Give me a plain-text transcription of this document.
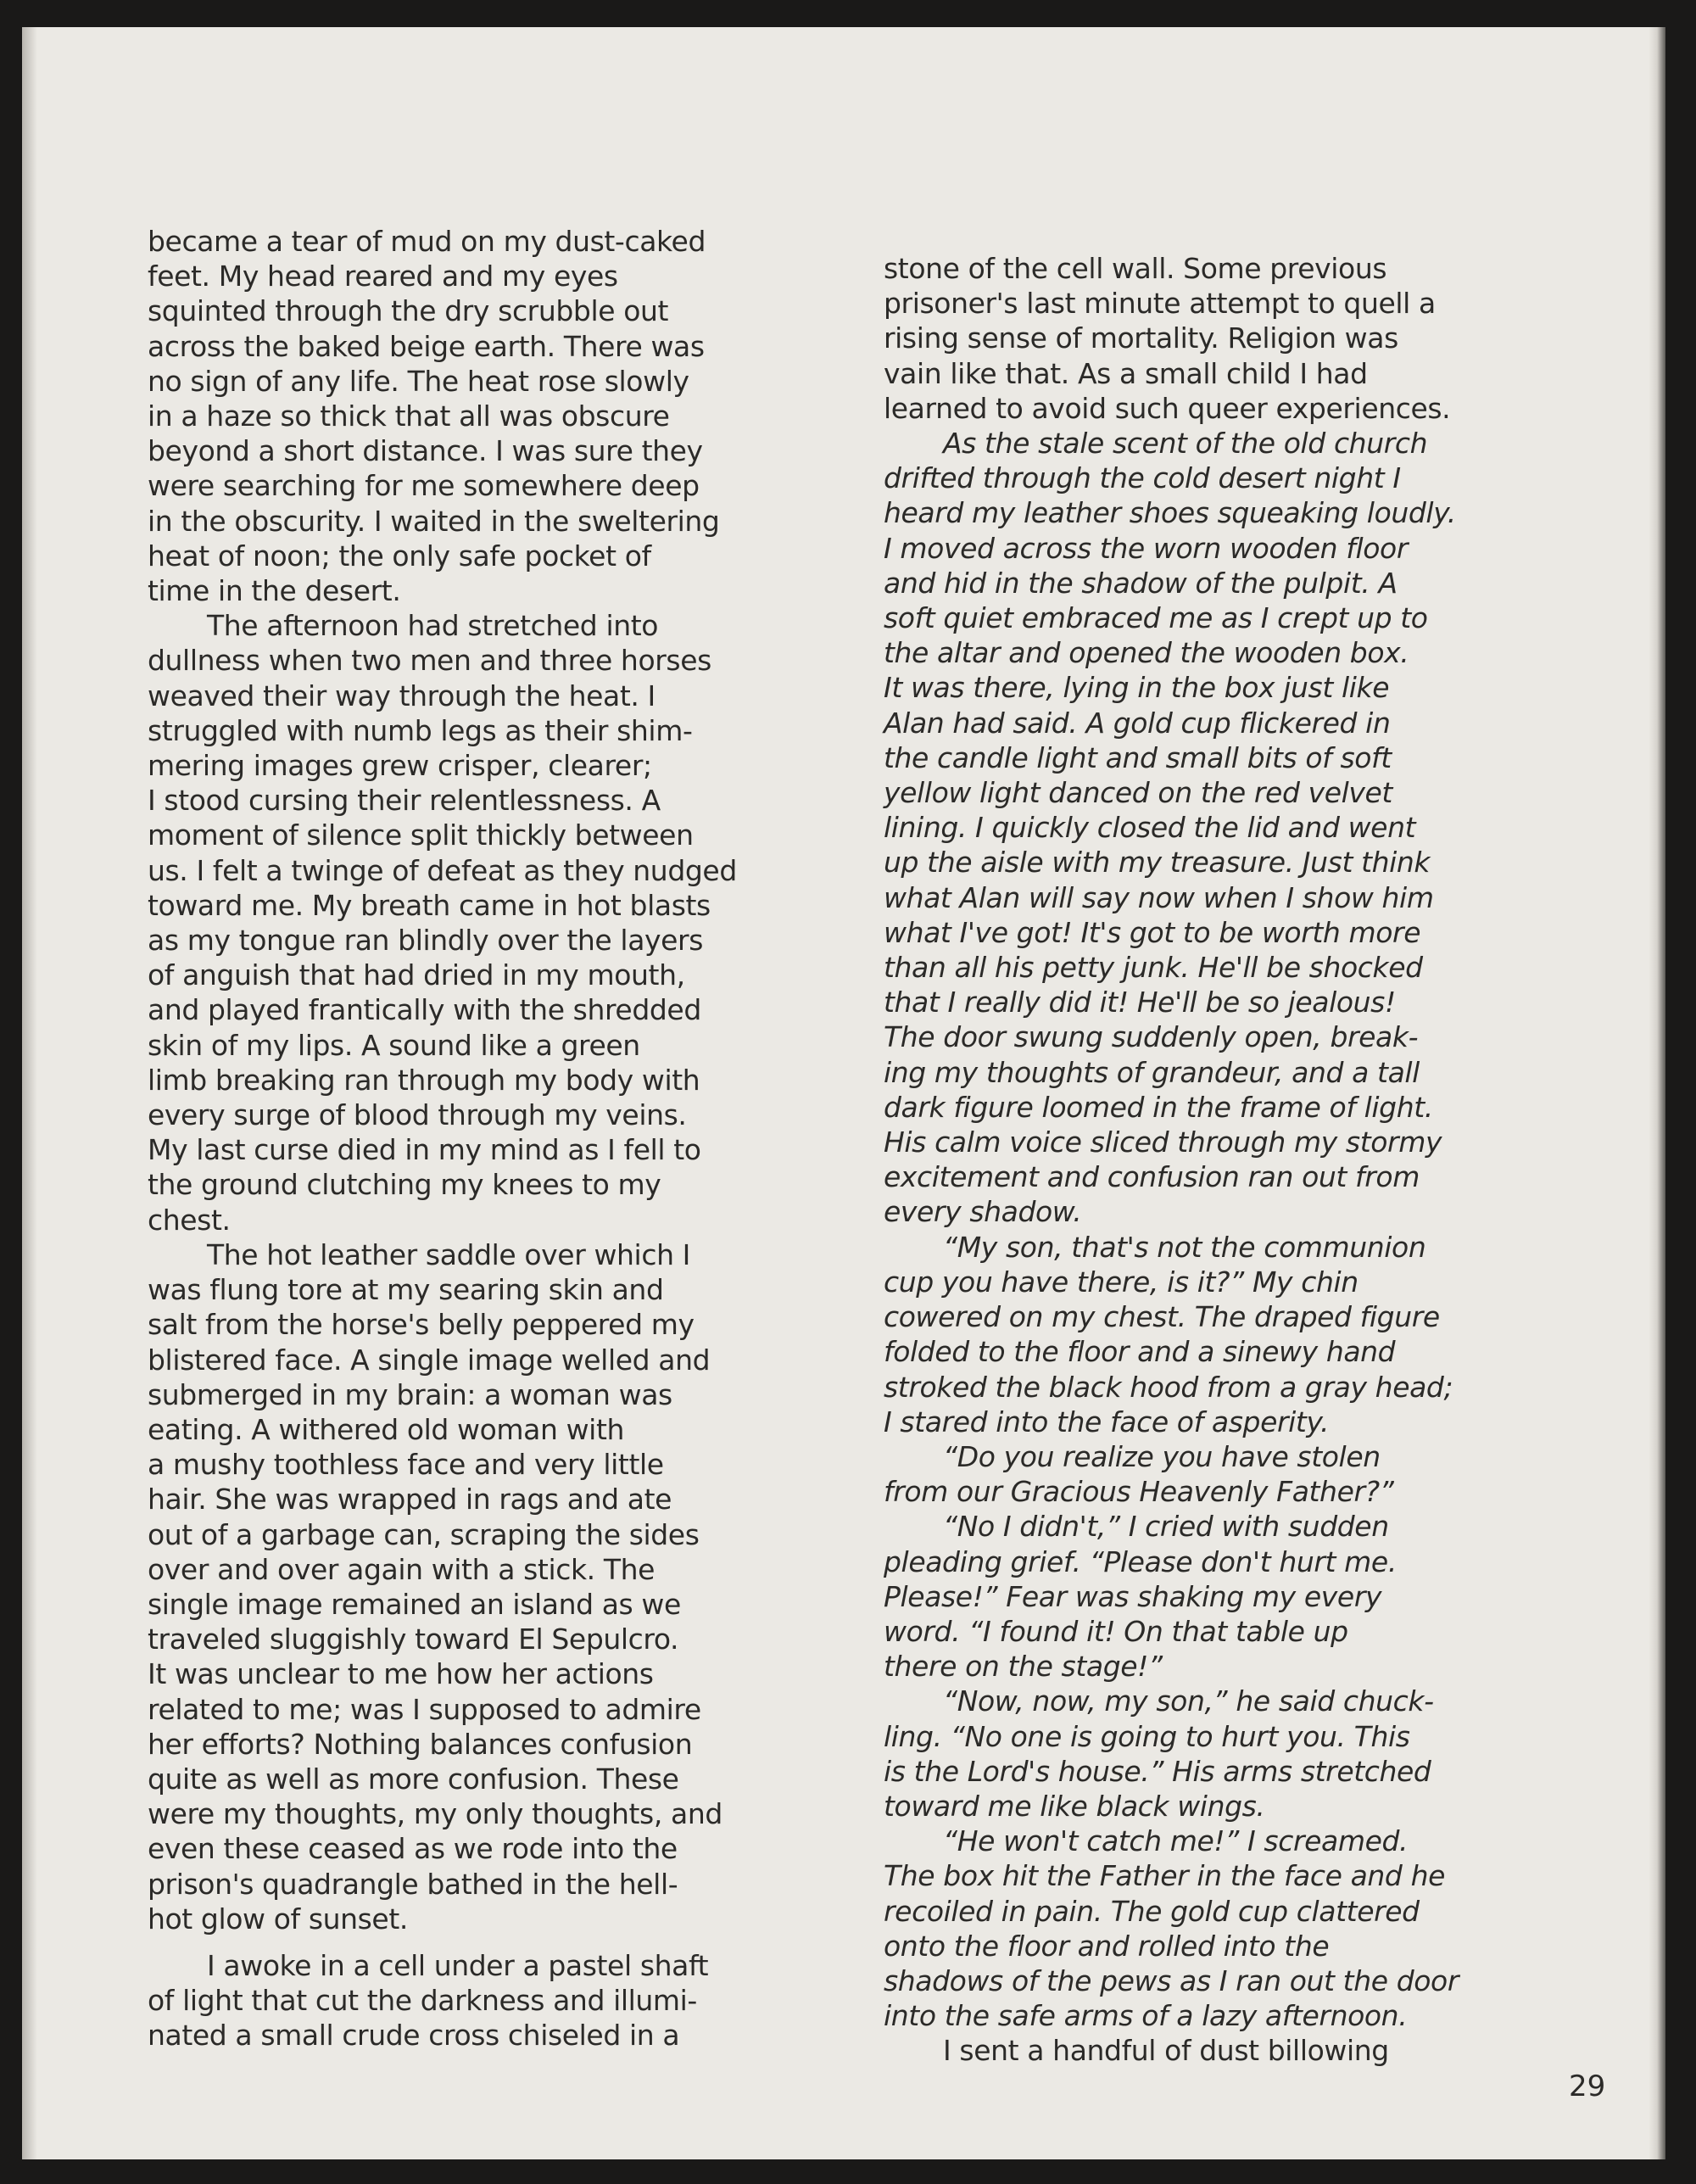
became a tear of mud on my dust-caked
feet. My head reared and my eyes
squinted through the dry scrubble out
across the baked beige earth. There was
no sign of any life. The heat rose slowly
in a haze so thick that all was obscure
beyond a short distance. I was sure they
were searching for me somewhere deep
in the obscurity. I waited in the sweltering
heat of noon; the only safe pocket of
time in the desert.
The afternoon had stretched into
dullness when two men and three horses
weaved their way through the heat. I
struggled with numb legs as their shim-
mering images grew crisper, clearer;
I stood cursing their relentlessness. A
moment of silence split thickly between
us. I felt a twinge of defeat as they nudged
toward me. My breath came in hot blasts
as my tongue ran blindly over the layers
of anguish that had dried in my mouth,
and played frantically with the shredded
skin of my lips. A sound like a green
limb breaking ran through my body with
every surge of blood through my veins.
My last curse died in my mind as I fell to
the ground clutching my knees to my
chest.
The hot leather saddle over which I
was flung tore at my searing skin and
salt from the horse's belly peppered my
blistered face. A single image welled and
submerged in my brain: a woman was
eating. A withered old woman with
a mushy toothless face and very little
hair. She was wrapped in rags and ate
out of a garbage can, scraping the sides
over and over again with a stick. The
single image remained an island as we
traveled sluggishly toward El Sepulcro.
It was unclear to me how her actions
related to me; was I supposed to admire
her efforts? Nothing balances confusion
quite as well as more confusion. These
were my thoughts, my only thoughts, and
even these ceased as we rode into the
prison's quadrangle bathed in the hell-
hot glow of sunset.
I awoke in a cell under a pastel shaft
of light that cut the darkness and illumi-
nated a small crude cross chiseled in a
stone of the cell wall. Some previous
prisoner's last minute attempt to quell a
rising sense of mortality. Religion was
vain like that. As a small child I had
learned to avoid such queer experiences.
As the stale scent of the old church
drifted through the cold desert night I
heard my leather shoes squeaking loudly.
I moved across the worn wooden floor
and hid in the shadow of the pulpit. A
soft quiet embraced me as I crept up to
the altar and opened the wooden box.
It was there, lying in the box just like
Alan had said. A gold cup flickered in
the candle light and small bits of soft
yellow light danced on the red velvet
lining. I quickly closed the lid and went
up the aisle with my treasure. Just think
what Alan will say now when I show him
what I've got! It's got to be worth more
than all his petty junk. He'll be shocked
that I really did it! He'll be so jealous!
The door swung suddenly open, break-
ing my thoughts of grandeur, and a tall
dark figure loomed in the frame of light.
His calm voice sliced through my stormy
excitement and confusion ran out from
every shadow.
“My son, that's not the communion
cup you have there, is it?” My chin
cowered on my chest. The draped figure
folded to the floor and a sinewy hand
stroked the black hood from a gray head;
I stared into the face of asperity.
“Do you realize you have stolen
from our Gracious Heavenly Father?”
“No I didn't,” I cried with sudden
pleading grief. “Please don't hurt me.
Please!” Fear was shaking my every
word. “I found it! On that table up
there on the stage!”
“Now, now, my son,” he said chuck-
ling. “No one is going to hurt you. This
is the Lord's house.” His arms stretched
toward me like black wings.
“He won't catch me!” I screamed.
The box hit the Father in the face and he
recoiled in pain. The gold cup clattered
onto the floor and rolled into the
shadows of the pews as I ran out the door
into the safe arms of a lazy afternoon.
I sent a handful of dust billowing
29
